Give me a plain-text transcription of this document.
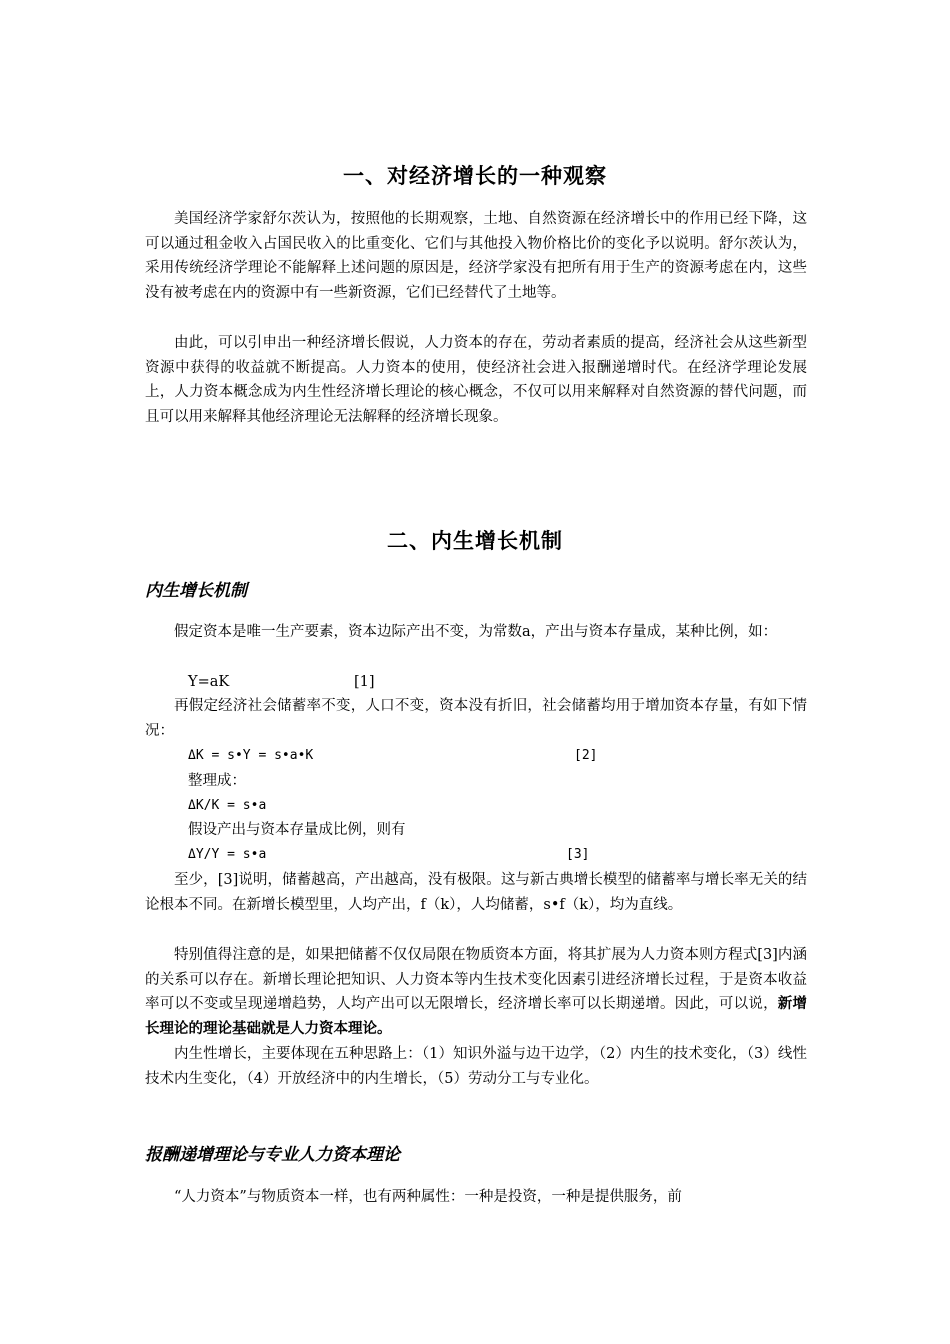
一、对经济增长的一种观察

美国经济学家舒尔茨认为，按照他的长期观察，土地、自然资源在经济增长中的作用已经下降，这可以通过租金收入占国民收入的比重变化、它们与其他投入物价格比价的变化予以说明。舒尔茨认为，采用传统经济学理论不能解释上述问题的原因是，经济学家没有把所有用于生产的资源考虑在内，这些没有被考虑在内的资源中有一些新资源，它们已经替代了土地等。

由此，可以引申出一种经济增长假说，人力资本的存在，劳动者素质的提高，经济社会从这些新型资源中获得的收益就不断提高。人力资本的使用，使经济社会进入报酬递增时代。在经济学理论发展上，人力资本概念成为内生性经济增长理论的核心概念，不仅可以用来解释对自然资源的替代问题，而且可以用来解释其他经济理论无法解释的经济增长现象。

二、内生增长机制
内生增长机制

假定资本是唯一生产要素，资本边际产出不变，为常数a，产出与资本存量成，某种比例，如：

Y=aK	[1]

再假定经济社会储蓄率不变，人口不变，资本没有折旧，社会储蓄均用于增加资本存量，有如下情况：

ΔK = s•Y = s•a•K	[2]
整理成：
ΔK/K = s•a
假设产出与资本存量成比例，则有
ΔY/Y = s•a	[3]

至少，[3]说明，储蓄越高，产出越高，没有极限。这与新古典增长模型的储蓄率与增长率无关的结论根本不同。在新增长模型里，人均产出，f（k），人均储蓄，s•f（k），均为直线。

特别值得注意的是，如果把储蓄不仅仅局限在物质资本方面，将其扩展为人力资本则方程式[3]内涵的关系可以存在。新增长理论把知识、人力资本等内生技术变化因素引进经济增长过程，于是资本收益率可以不变或呈现递增趋势，人均产出可以无限增长，经济增长率可以长期递增。因此，可以说，新增长理论的理论基础就是人力资本理论。

内生性增长，主要体现在五种思路上：（1）知识外溢与边干边学，（2）内生的技术变化，（3）线性技术内生变化，（4）开放经济中的内生增长，（5）劳动分工与专业化。

报酬递增理论与专业人力资本理论

“人力资本”与物质资本一样，也有两种属性：一种是投资，一种是提供服务，前
